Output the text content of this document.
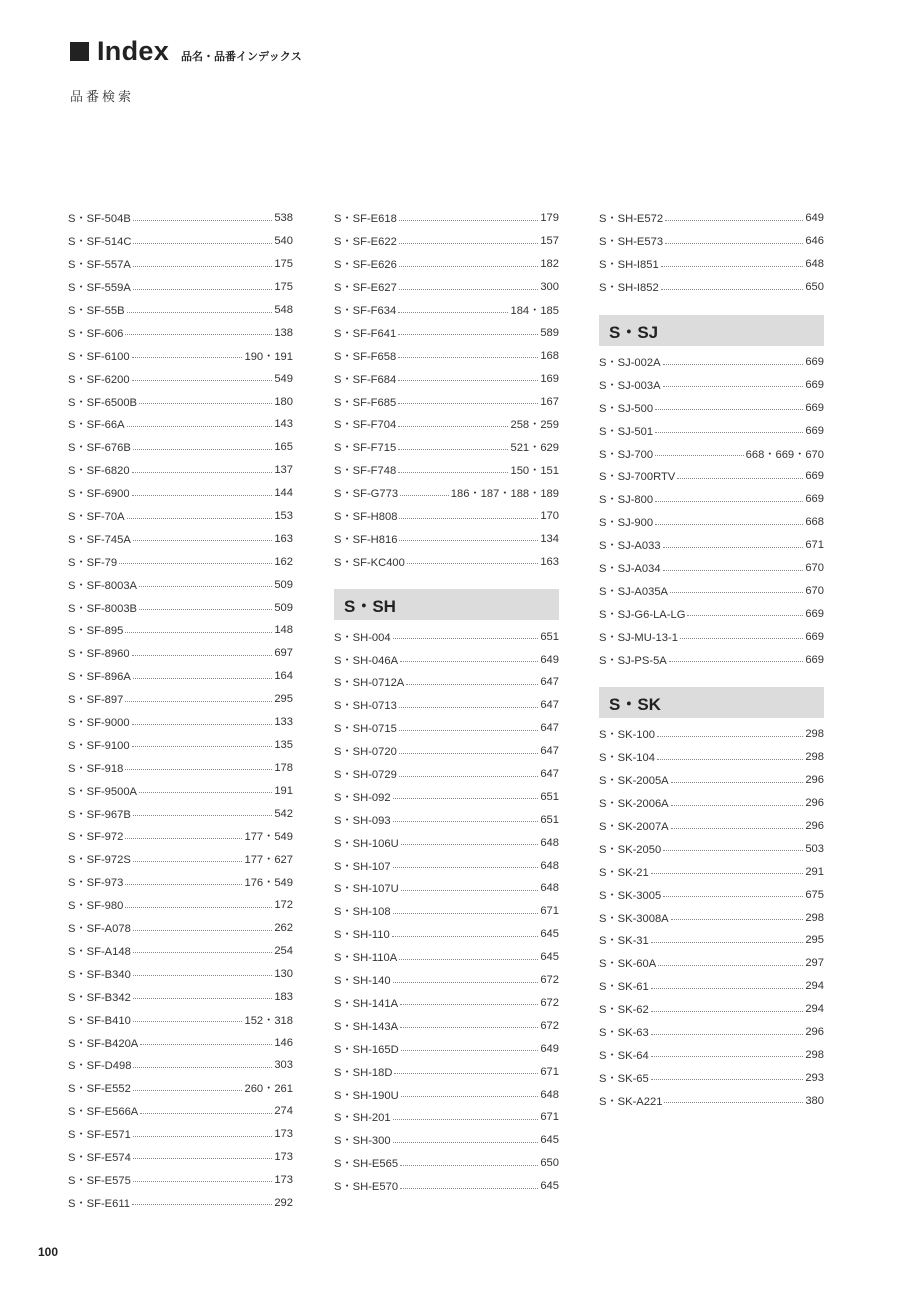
Index 品名・品番インデックス
品番検索
S・SF-504B	538
S・SF-514C	540
S・SF-557A	175
S・SF-559A	175
S・SF-55B	548
S・SF-606	138
S・SF-6100	190・191
S・SF-6200	549
S・SF-6500B	180
S・SF-66A	143
S・SF-676B	165
S・SF-6820	137
S・SF-6900	144
S・SF-70A	153
S・SF-745A	163
S・SF-79	162
S・SF-8003A	509
S・SF-8003B	509
S・SF-895	148
S・SF-8960	697
S・SF-896A	164
S・SF-897	295
S・SF-9000	133
S・SF-9100	135
S・SF-918	178
S・SF-9500A	191
S・SF-967B	542
S・SF-972	177・549
S・SF-972S	177・627
S・SF-973	176・549
S・SF-980	172
S・SF-A078	262
S・SF-A148	254
S・SF-B340	130
S・SF-B342	183
S・SF-B410	152・318
S・SF-B420A	146
S・SF-D498	303
S・SF-E552	260・261
S・SF-E566A	274
S・SF-E571	173
S・SF-E574	173
S・SF-E575	173
S・SF-E611	292
S・SF-E618	179
S・SF-E622	157
S・SF-E626	182
S・SF-E627	300
S・SF-F634	184・185
S・SF-F641	589
S・SF-F658	168
S・SF-F684	169
S・SF-F685	167
S・SF-F704	258・259
S・SF-F715	521・629
S・SF-F748	150・151
S・SF-G773	186・187・188・189
S・SF-H808	170
S・SF-H816	134
S・SF-KC400	163
S・SH
S・SH-004	651
S・SH-046A	649
S・SH-0712A	647
S・SH-0713	647
S・SH-0715	647
S・SH-0720	647
S・SH-0729	647
S・SH-092	651
S・SH-093	651
S・SH-106U	648
S・SH-107	648
S・SH-107U	648
S・SH-108	671
S・SH-110	645
S・SH-110A	645
S・SH-140	672
S・SH-141A	672
S・SH-143A	672
S・SH-165D	649
S・SH-18D	671
S・SH-190U	648
S・SH-201	671
S・SH-300	645
S・SH-E565	650
S・SH-E570	645
S・SH-E572	649
S・SH-E573	646
S・SH-I851	648
S・SH-I852	650
S・SJ
S・SJ-002A	669
S・SJ-003A	669
S・SJ-500	669
S・SJ-501	669
S・SJ-700	668・669・670
S・SJ-700RTV	669
S・SJ-800	669
S・SJ-900	668
S・SJ-A033	671
S・SJ-A034	670
S・SJ-A035A	670
S・SJ-G6-LA-LG	669
S・SJ-MU-13-1	669
S・SJ-PS-5A	669
S・SK
S・SK-100	298
S・SK-104	298
S・SK-2005A	296
S・SK-2006A	296
S・SK-2007A	296
S・SK-2050	503
S・SK-21	291
S・SK-3005	675
S・SK-3008A	298
S・SK-31	295
S・SK-60A	297
S・SK-61	294
S・SK-62	294
S・SK-63	296
S・SK-64	298
S・SK-65	293
S・SK-A221	380
100
